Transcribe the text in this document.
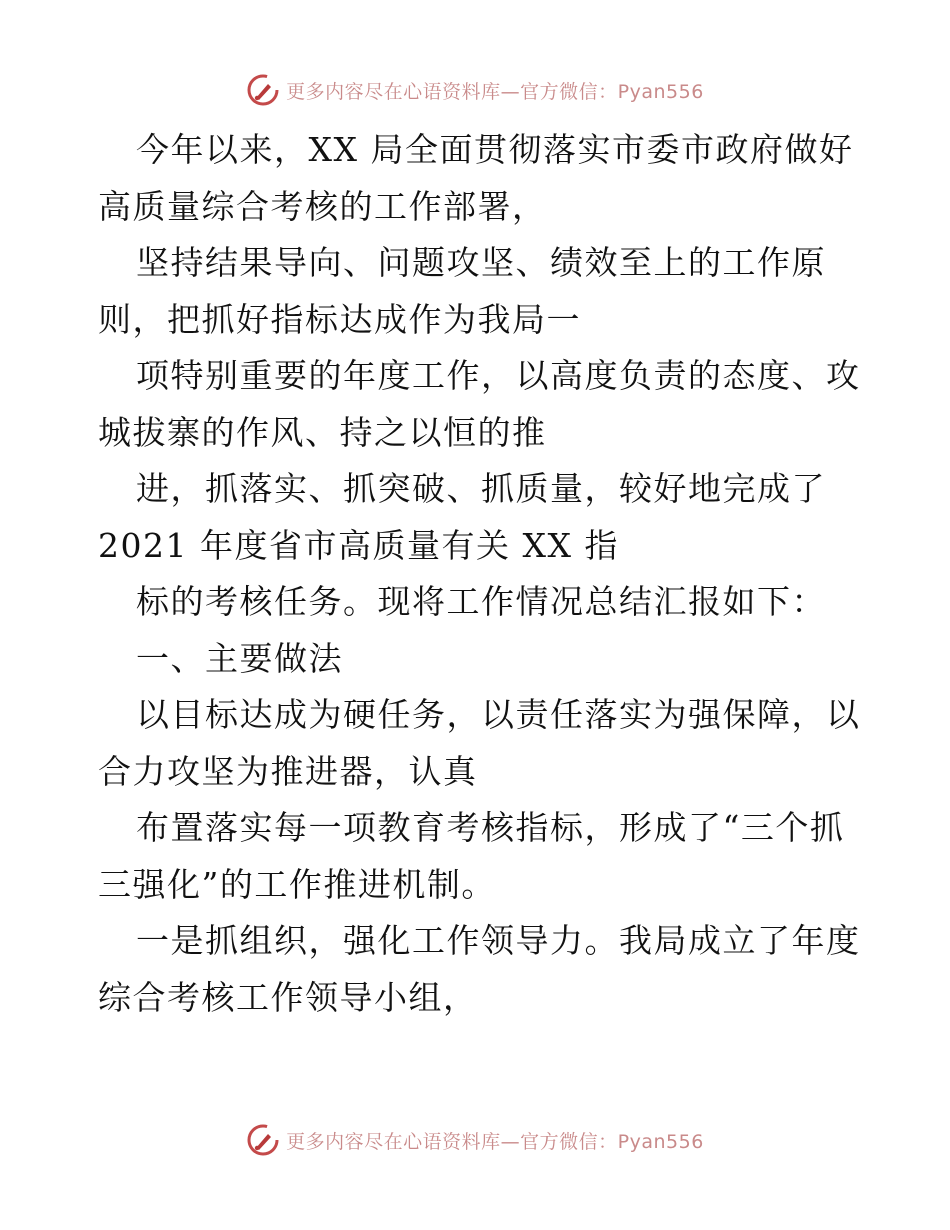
更多内容尽在心语资料库—官方微信：Pyan556
今年以来，XX 局全面贯彻落实市委市政府做好
高质量综合考核的工作部署，
坚持结果导向、问题攻坚、绩效至上的工作原
则，把抓好指标达成作为我局一
项特别重要的年度工作，以高度负责的态度、攻
城拔寨的作风、持之以恒的推
进，抓落实、抓突破、抓质量，较好地完成了
2021 年度省市高质量有关 XX 指
标的考核任务。现将工作情况总结汇报如下：
一、主要做法
以目标达成为硬任务，以责任落实为强保障，以
合力攻坚为推进器，认真
布置落实每一项教育考核指标，形成了“三个抓
三强化”的工作推进机制。
一是抓组织，强化工作领导力。我局成立了年度
综合考核工作领导小组，
更多内容尽在心语资料库—官方微信：Pyan556
